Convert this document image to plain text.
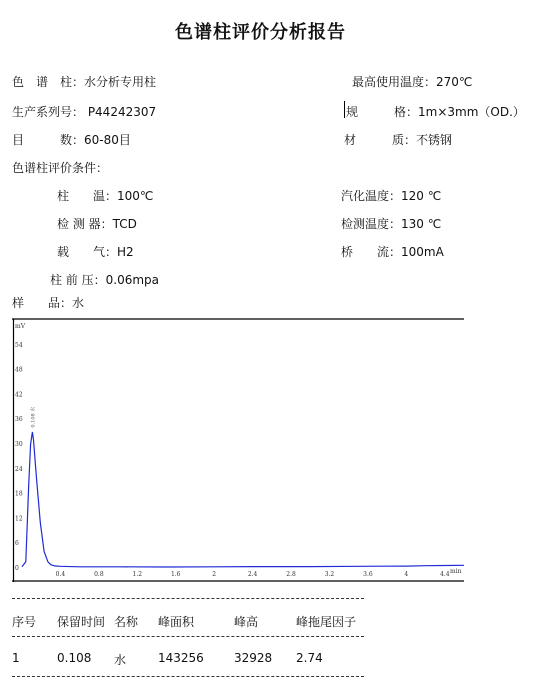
色谱柱评价分析报告
色　谱　柱：水分析专用柱	最高使用温度：270℃
生产系列号： P44242307	规　　　格：1m×3mm（OD.）
目　　　数：60-80目	材　　　质：不锈钢
色谱柱评价条件：
柱　　温：100℃	汽化温度：120 ℃
检 测 器：TCD	检测温度：130 ℃
载　　气：H2	桥　　流：100mA
柱 前 压：0.06mpa
样　　品：水
mV
min
0
6
12
18
24
30
36
42
48
54
0.4	0.8	1.2	1.6	2	2.4	2.8	3.2	3.6	4	4.4
0.108 水
序号 保留时间 名称 峰面积	峰高	峰拖尾因子
1	0.108 水	143256	32928 2.74
